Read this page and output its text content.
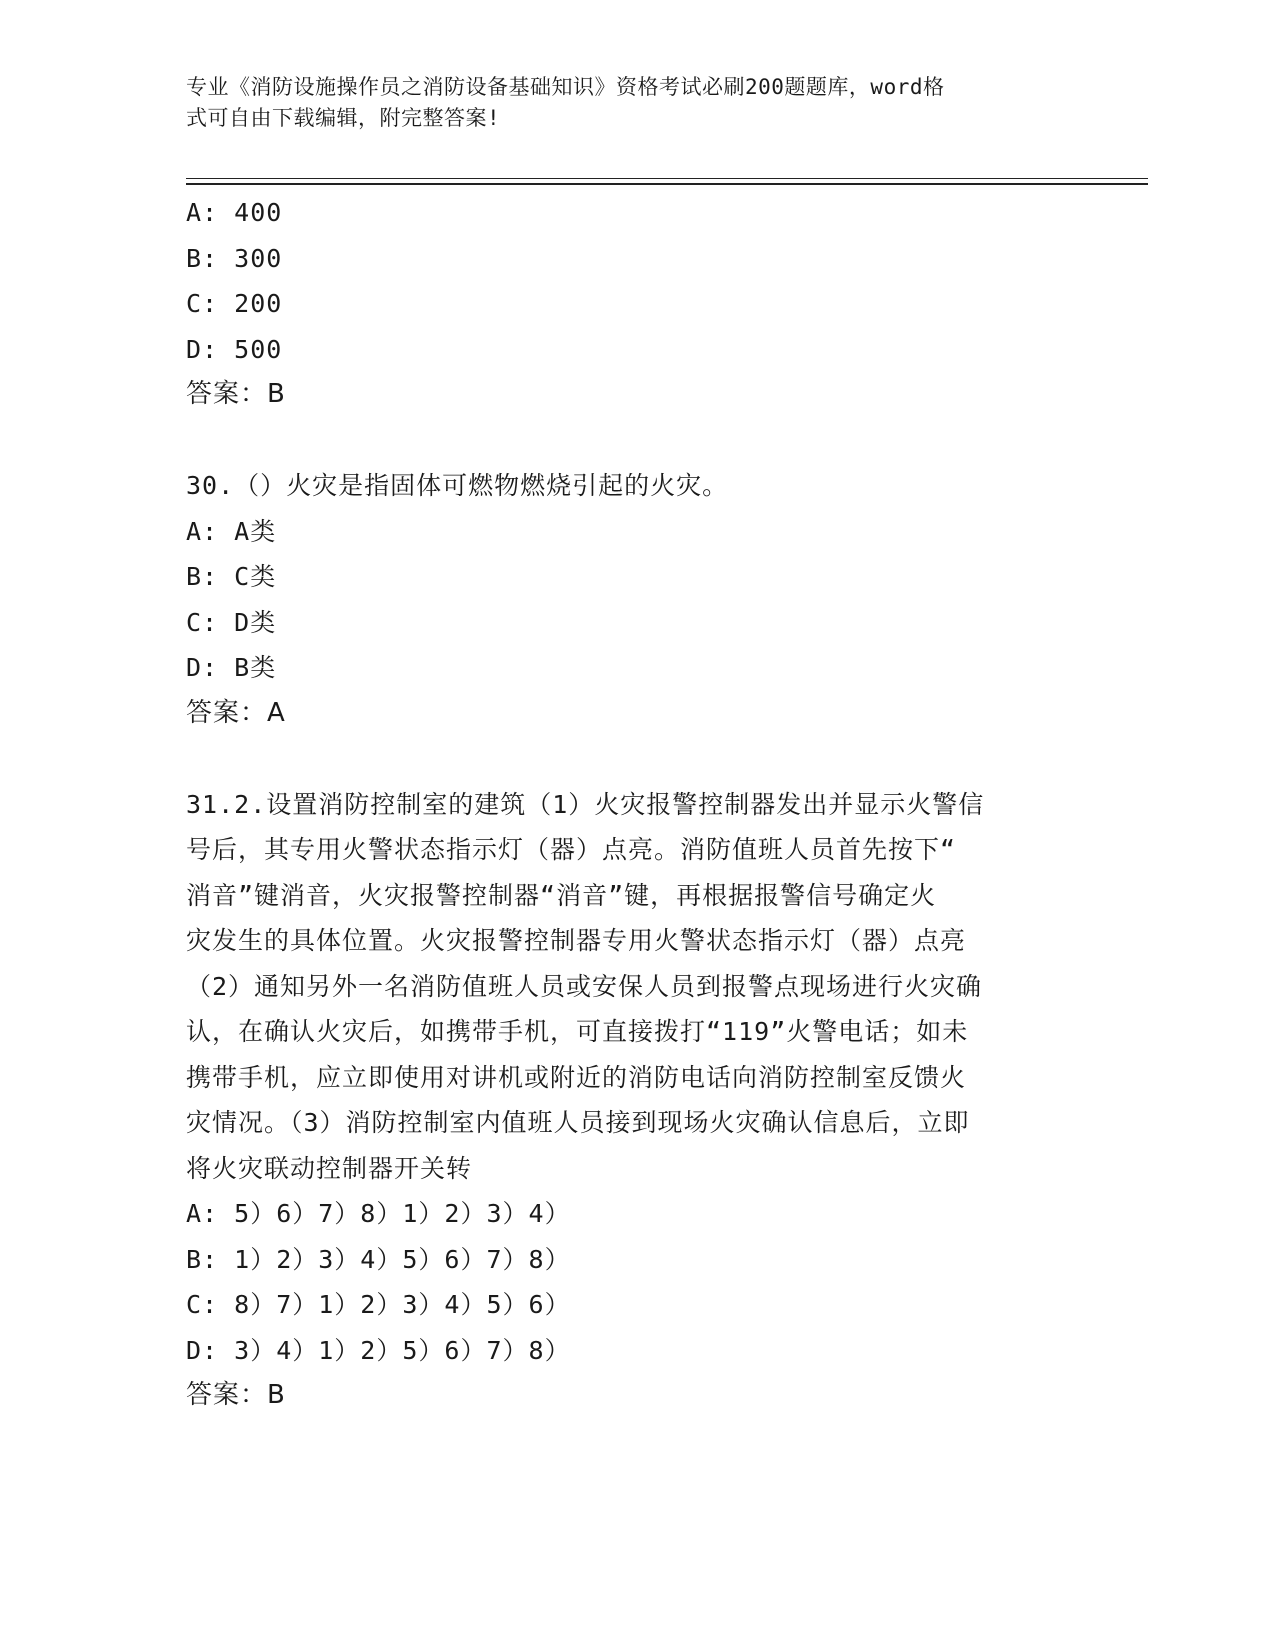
专业《消防设施操作员之消防设备基础知识》资格考试必刷200题题库，word格
式可自由下载编辑，附完整答案!
A: 400
B: 300
C: 200
D: 500
答案：B
30.（）火灾是指固体可燃物燃烧引起的火灾。
A: A类
B: C类
C: D类
D: B类
答案：A
31.2.设置消防控制室的建筑（1）火灾报警控制器发出并显示火警信
号后，其专用火警状态指示灯（器）点亮。消防值班人员首先按下“
消音”键消音，火灾报警控制器“消音”键，再根据报警信号确定火
灾发生的具体位置。火灾报警控制器专用火警状态指示灯（器）点亮
（2）通知另外一名消防值班人员或安保人员到报警点现场进行火灾确
认，在确认火灾后，如携带手机，可直接拨打“119”火警电话；如未
携带手机，应立即使用对讲机或附近的消防电话向消防控制室反馈火
灾情况。（3）消防控制室内值班人员接到现场火灾确认信息后，立即
将火灾联动控制器开关转
A: 5）6）7）8）1）2）3）4）
B: 1）2）3）4）5）6）7）8）
C: 8）7）1）2）3）4）5）6）
D: 3）4）1）2）5）6）7）8）
答案：B
